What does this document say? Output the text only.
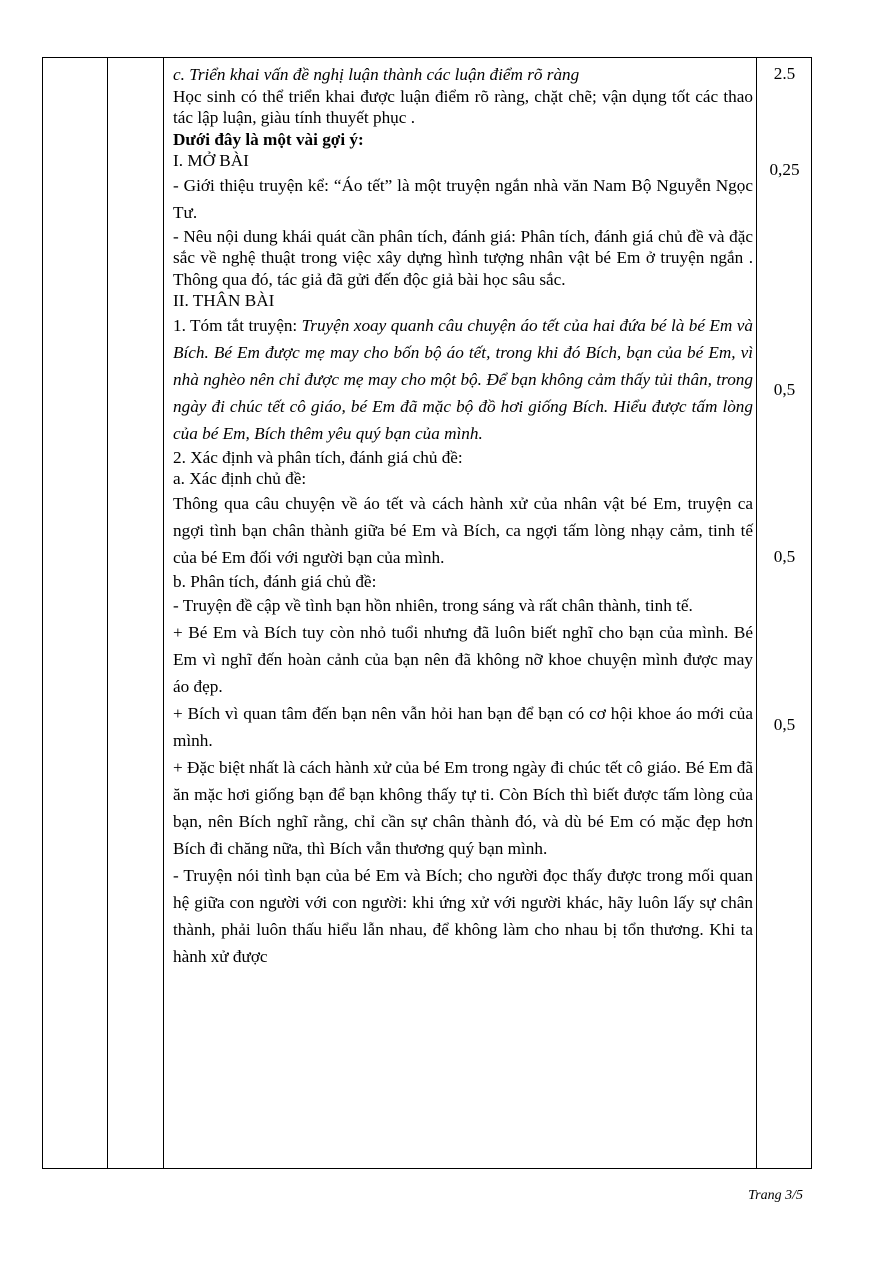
c. Triển khai vấn đề nghị luận thành các luận điểm rõ ràng

Học sinh có thể triển khai được luận điểm rõ ràng, chặt chẽ; vận dụng tốt các thao tác lập luận, giàu tính thuyết phục .

Dưới đây là một vài gợi ý:

I. MỞ BÀI

- Giới thiệu truyện kể: “Áo tết” là một truyện ngắn nhà văn Nam Bộ Nguyễn Ngọc Tư.

- Nêu nội dung khái quát cần phân tích, đánh giá: Phân tích, đánh giá chủ đề và đặc sắc về nghệ thuật trong việc xây dựng hình tượng nhân vật bé Em ở truyện ngắn . Thông qua đó, tác giả đã gửi đến độc giả bài học sâu sắc.

II. THÂN BÀI

1. Tóm tắt truyện: Truyện xoay quanh câu chuyện áo tết của hai đứa bé là bé Em và Bích. Bé Em được mẹ may cho bốn bộ áo tết, trong khi đó Bích, bạn của bé Em, vì nhà nghèo nên chỉ được mẹ may cho một bộ. Để bạn không cảm thấy tủi thân, trong ngày đi chúc tết cô giáo, bé Em đã mặc bộ đồ hơi giống Bích. Hiểu được tấm lòng của bé Em, Bích thêm yêu quý bạn của mình.

2. Xác định và phân tích, đánh giá chủ đề:

a. Xác định chủ đề:

Thông qua câu chuyện về áo tết và cách hành xử của nhân vật bé Em, truyện ca ngợi tình bạn chân thành giữa bé Em và Bích, ca ngợi tấm lòng nhạy cảm, tinh tế của bé Em đối với người bạn của mình.

b. Phân tích, đánh giá chủ đề:

- Truyện đề cập về tình bạn hồn nhiên, trong sáng và rất chân thành, tinh tế.

+ Bé Em và Bích tuy còn nhỏ tuổi nhưng đã luôn biết nghĩ cho bạn của mình. Bé Em vì nghĩ đến hoàn cảnh của bạn nên đã không nỡ khoe chuyện mình được may áo đẹp.

+ Bích vì quan tâm đến bạn nên vẫn hỏi han bạn để bạn có cơ hội khoe áo mới của mình.

+ Đặc biệt nhất là cách hành xử của bé Em trong ngày đi chúc tết cô giáo. Bé Em đã ăn mặc hơi giống bạn để bạn không thấy tự ti. Còn Bích thì biết được tấm lòng của bạn, nên Bích nghĩ rằng, chỉ cần sự chân thành đó, và dù bé Em có mặc đẹp hơn Bích đi chăng nữa, thì Bích vẫn thương quý bạn mình.

- Truyện nói tình bạn của bé Em và Bích; cho người đọc thấy được trong mối quan hệ giữa con người với con người: khi ứng xử với người khác, hãy luôn lấy sự chân thành, phải luôn thấu hiểu lẫn nhau, để không làm cho nhau bị tổn thương. Khi ta hành xử được

2.5
0,25
0,5
0,5
0,5
Trang 3/5
